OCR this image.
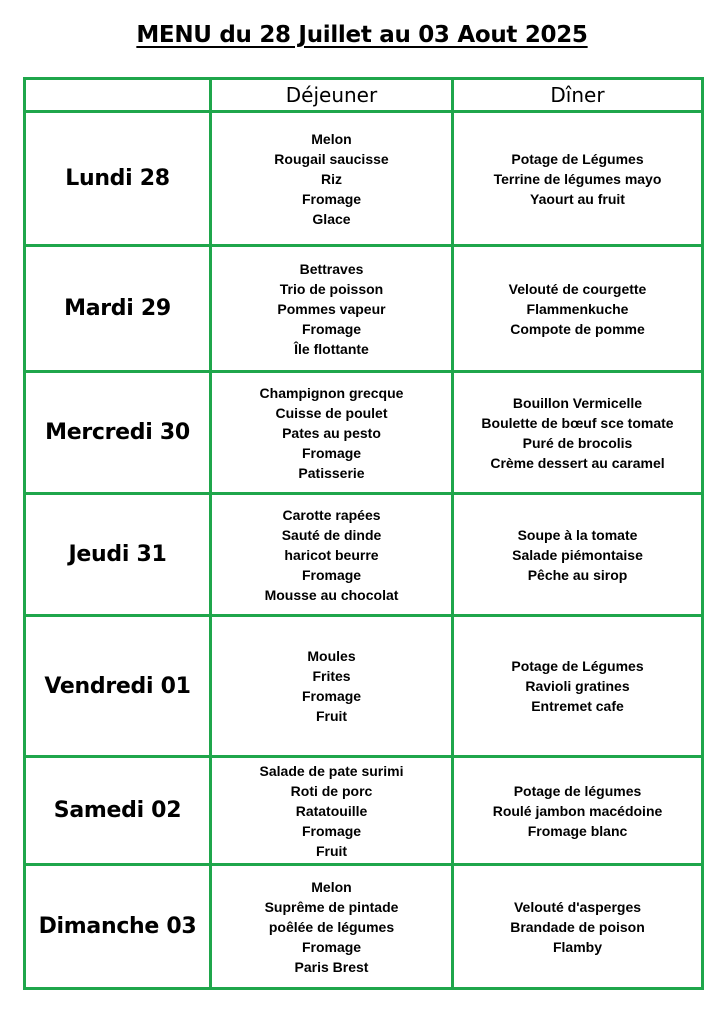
MENU du 28 Juillet au 03 Aout 2025
	Déjeuner	Dîner
Lundi 28	Melon
Rougail saucisse
Riz
Fromage
Glace	Potage de Légumes
Terrine de légumes mayo
Yaourt au fruit

Mardi 29	Bettraves
Trio de poisson
Pommes vapeur
Fromage
Île flottante	Velouté de courgette
Flammenkuche
Compote de pomme

Mercredi 30	Champignon grecque
Cuisse de poulet
Pates au pesto
Fromage
Patisserie	Bouillon Vermicelle
Boulette de bœuf sce tomate
Puré de brocolis
Crème dessert au caramel

Jeudi 31	Carotte rapées
Sauté de dinde
haricot beurre
Fromage
Mousse au chocolat	Soupe à la tomate
Salade piémontaise
Pêche au sirop

Vendredi 01	Moules
Frites
Fromage
Fruit	Potage de Légumes
Ravioli gratines
Entremet cafe

Samedi 02	Salade de pate surimi
Roti de porc
Ratatouille
Fromage
Fruit	Potage de légumes
Roulé jambon macédoine
Fromage blanc

Dimanche 03	Melon
Suprême de pintade
poêlée de légumes
Fromage
Paris Brest	Velouté d'asperges
Brandade de poison
Flamby
